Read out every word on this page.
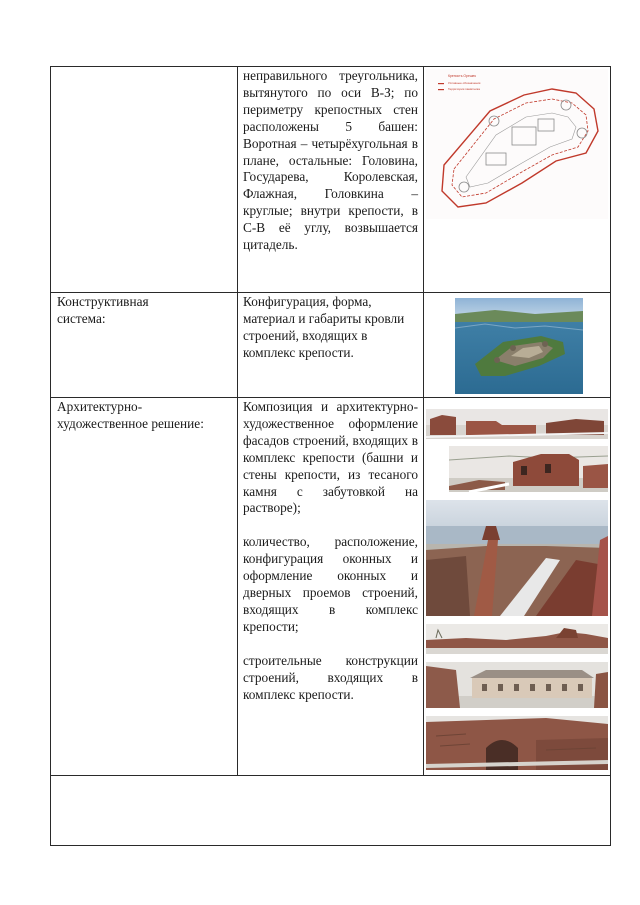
неправильного треугольника, вытянутого по оси В-З; по периметру крепостных стен расположены 5 башен: Воротная – четырёхугольная в плане, остальные: Головина, Государева, Королевская, Флажная, Головкина – круглые; внутри крепости, в С-В её углу, возвышается цитадель.

Крепость Орешек
Условные обозначения
Территория памятника
Конструктивная система:

Конфигурация, форма, материал и габариты кровли строений, входящих в комплекс крепости.

Архитектурно-художественное решение:

Композиция и архитектурно-художественное оформление фасадов строений, входящих в комплекс крепости (башни и стены крепости, из тесаного камня с забутовкой на растворе);

количество, расположение, конфигурация оконных и оформление оконных и дверных проемов строений, входящих в комплекс крепости;

строительные конструкции строений, входящих в комплекс крепости.
